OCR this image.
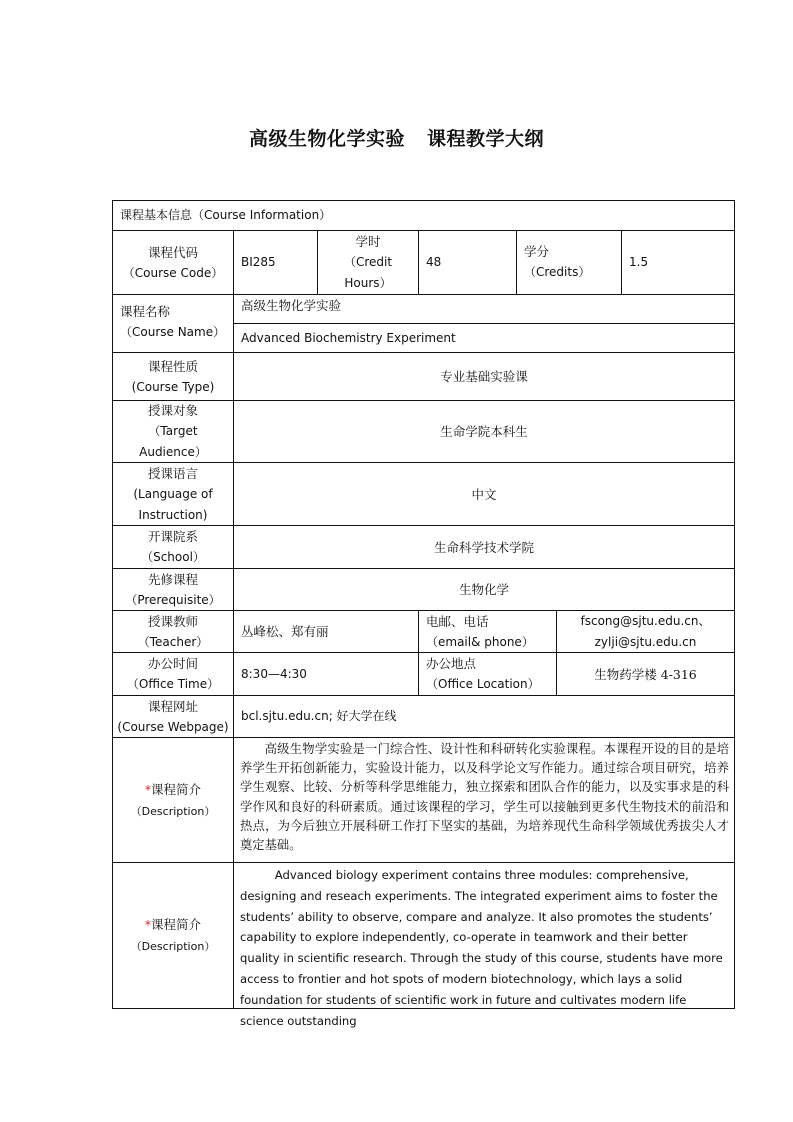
高级生物化学实验 课程教学大纲
课程基本信息（Course Information）
课程代码
（Course Code）
BI285
学时
（Credit
Hours）
48
学分
（Credits）
1.5
课程名称
（Course Name）
高级生物化学实验
Advanced Biochemistry Experiment
课程性质
(Course Type)
专业基础实验课
授课对象
（Target
Audience）
生命学院本科生
授课语言
(Language of
Instruction)
中文
开课院系
（School）
生命科学技术学院
先修课程
（Prerequisite）
生物化学
授课教师
（Teacher）
丛峰松、郑有丽
电邮、电话
（email& phone）
fscong@sjtu.edu.cn、
zylji@sjtu.edu.cn
办公时间
（Office Time）
8:30—4:30
办公地点
（Office Location）
生物药学楼 4-316
课程网址
(Course Webpage)
bcl.sjtu.edu.cn; 好大学在线
*课程简介
（Description）
高级生物学实验是一门综合性、设计性和科研转化实验课程。本课程开设的目的是培养学生开拓创新能力，实验设计能力，以及科学论文写作能力。通过综合项目研究，培养学生观察、比较、分析等科学思维能力，独立探索和团队合作的能力，以及实事求是的科学作风和良好的科研素质。通过该课程的学习，学生可以接触到更多代生物技术的前沿和热点，为今后独立开展科研工作打下坚实的基础，为培养现代生命科学领域优秀拔尖人才奠定基础。
*课程简介
（Description）
Advanced biology experiment contains three modules: comprehensive, designing and reseach experiments. The integrated experiment aims to foster the students’ ability to observe, compare and analyze. It also promotes the students’ capability to explore independently, co-operate in teamwork and their better quality in scientific research. Through the study of this course, students have more access to frontier and hot spots of modern biotechnology, which lays a solid foundation for students of scientific work in future and cultivates modern life science outstanding
